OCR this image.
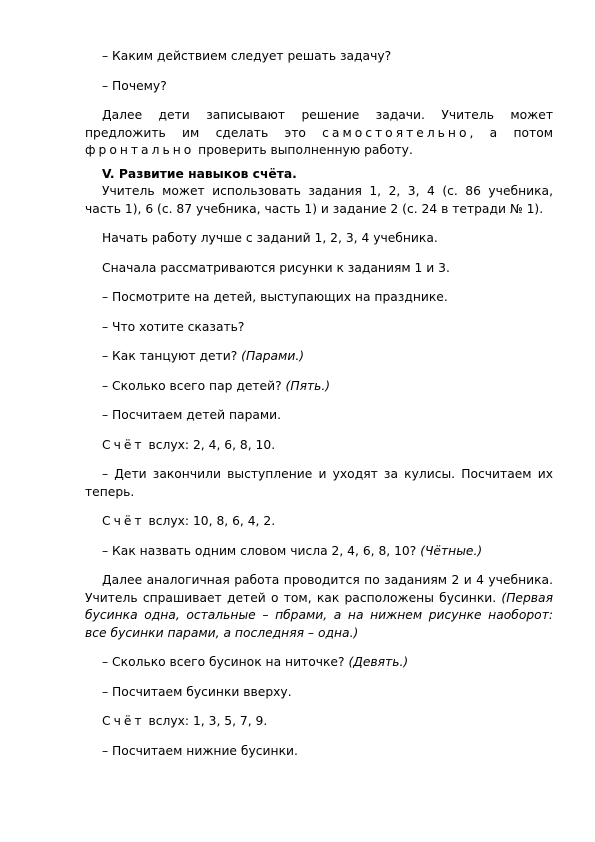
– Каким действием следует решать задачу?

– Почему?

Далее дети записывают решение задачи. Учитель может предложить им сделать это самостоятельно, а потом фронтально проверить выполненную работу.

V. Развитие навыков счёта.

Учитель может использовать задания 1, 2, 3, 4 (с. 86 учебника, часть 1), 6 (с. 87 учебника, часть 1) и задание 2 (с. 24 в тетради № 1).

Начать работу лучше с заданий 1, 2, 3, 4 учебника.

Сначала рассматриваются рисунки к заданиям 1 и 3.

– Посмотрите на детей, выступающих на празднике.

– Что хотите сказать?

– Как танцуют дети? (Парами.)

– Сколько всего пар детей? (Пять.)

– Посчитаем детей парами.

Счёт вслух: 2, 4, 6, 8, 10.

– Дети закончили выступление и уходят за кулисы. Посчитаем их теперь.

Счёт вслух: 10, 8, 6, 4, 2.

– Как назвать одним словом числа 2, 4, 6, 8, 10? (Чётные.)

Далее аналогичная работа проводится по заданиям 2 и 4 учебника. Учитель спрашивает детей о том, как расположены бусинки. (Первая бусинка одна, остальные – пбрами, а на нижнем рисунке наоборот: все бусинки парами, а последняя – одна.)

– Сколько всего бусинок на ниточке? (Девять.)

– Посчитаем бусинки вверху.

Счёт вслух: 1, 3, 5, 7, 9.

– Посчитаем нижние бусинки.
